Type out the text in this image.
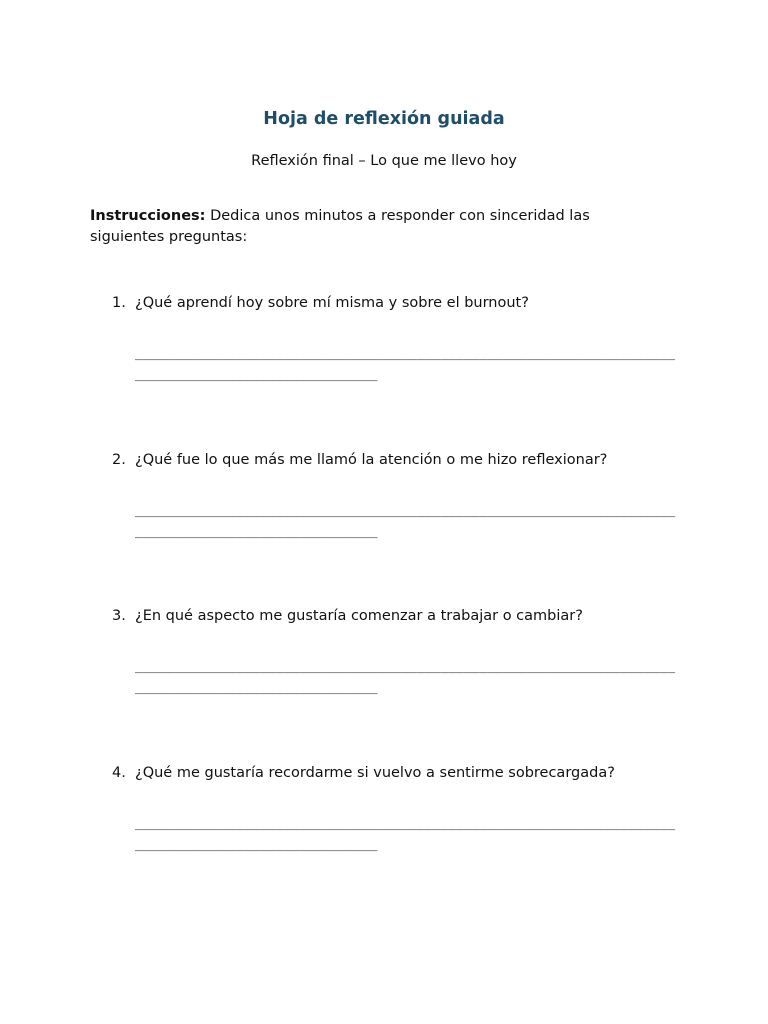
Hoja de reflexión guiada

Reflexión final – Lo que me llevo hoy

Instrucciones: Dedica unos minutos a responder con sinceridad las siguientes preguntas:

1. ¿Qué aprendí hoy sobre mí misma y sobre el burnout?

____________________________________________________________________________________________________

2. ¿Qué fue lo que más me llamó la atención o me hizo reflexionar?

____________________________________________________________________________________________________

3. ¿En qué aspecto me gustaría comenzar a trabajar o cambiar?

____________________________________________________________________________________________________

4. ¿Qué me gustaría recordarme si vuelvo a sentirme sobrecargada?

____________________________________________________________________________________________________
